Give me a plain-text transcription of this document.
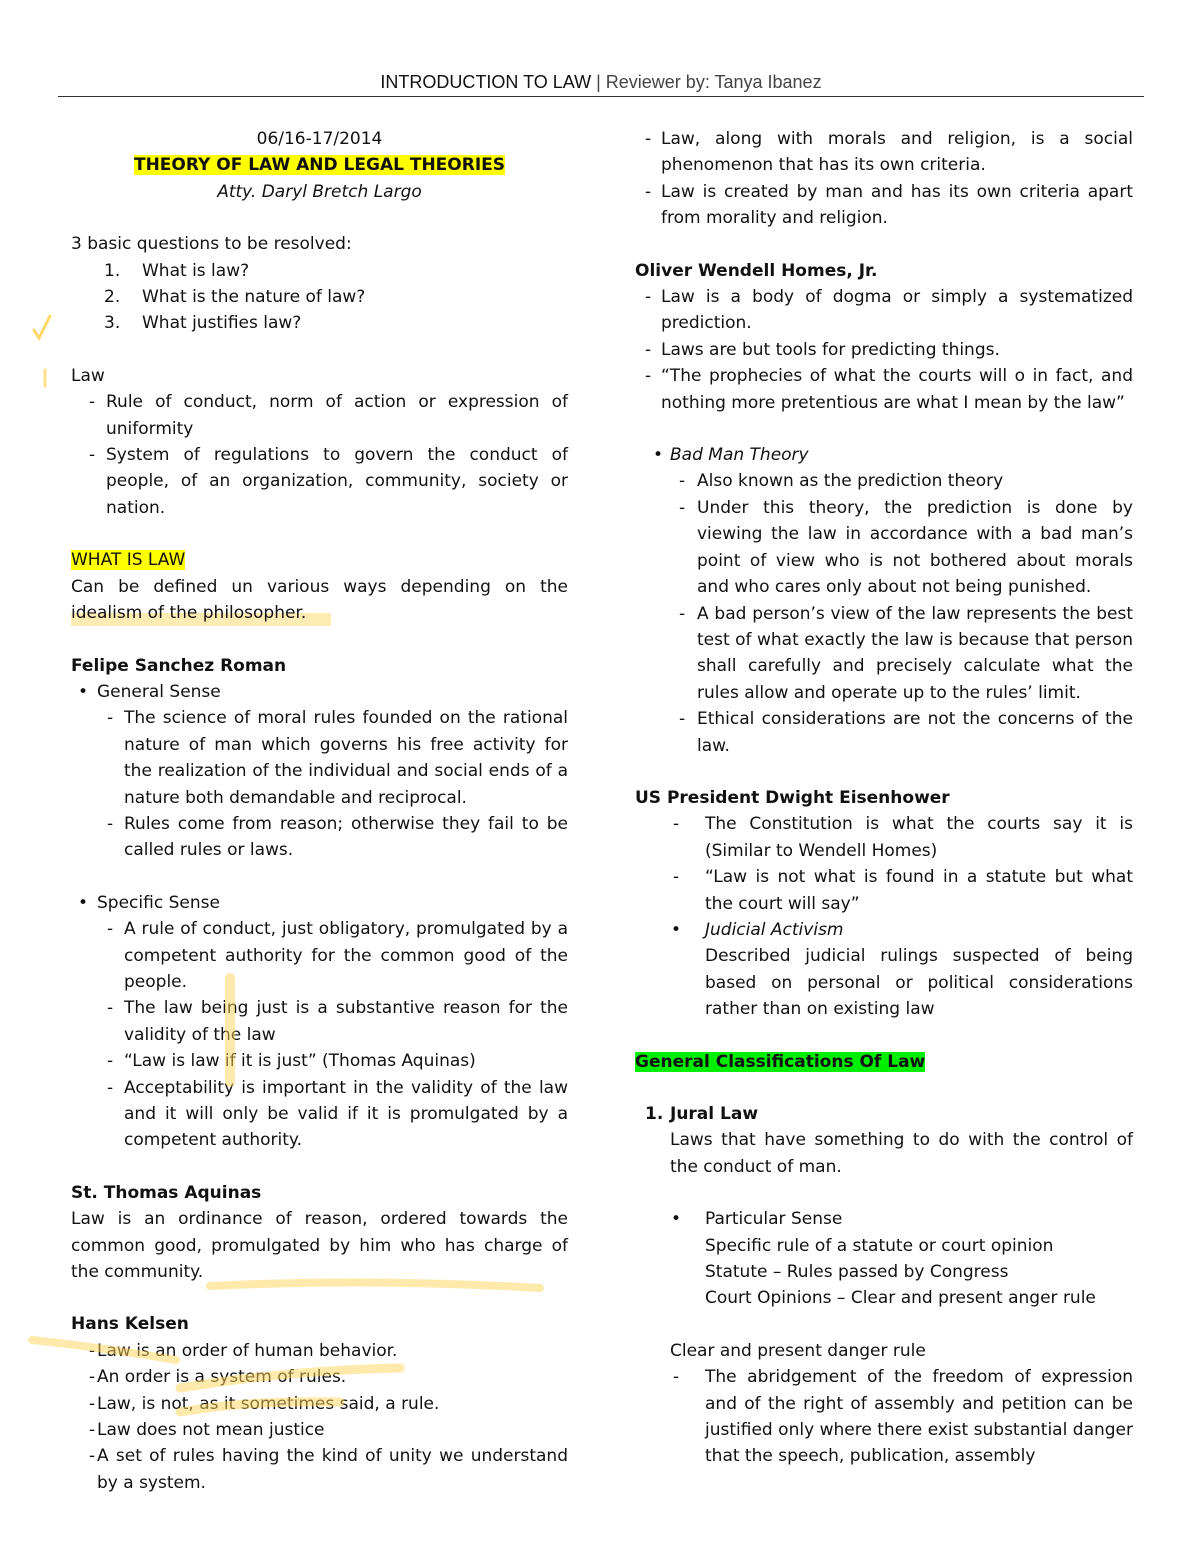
INTRODUCTION TO LAW | Reviewer by: Tanya Ibanez
06/16-17/2014
THEORY OF LAW AND LEGAL THEORIES
Atty. Daryl Bretch Largo
3 basic questions to be resolved:
1. What is law?
2. What is the nature of law?
3. What justifies law?
Law
- Rule of conduct, norm of action or expression of uniformity
- System of regulations to govern the conduct of people, of an organization, community, society or nation.
WHAT IS LAW
Can be defined un various ways depending on the idealism of the philosopher.
Felipe Sanchez Roman
• General Sense
- The science of moral rules founded on the rational nature of man which governs his free activity for the realization of the individual and social ends of a nature both demandable and reciprocal.
- Rules come from reason; otherwise they fail to be called rules or laws.
• Specific Sense
- A rule of conduct, just obligatory, promulgated by a competent authority for the common good of the people.
- The law being just is a substantive reason for the validity of the law
- “Law is law if it is just” (Thomas Aquinas)
- Acceptability is important in the validity of the law and it will only be valid if it is promulgated by a competent authority.
St. Thomas Aquinas
Law is an ordinance of reason, ordered towards the common good, promulgated by him who has charge of the community.
Hans Kelsen
- Law is an order of human behavior.
- An order is a system of rules.
- Law, is not, as it sometimes said, a rule.
- Law does not mean justice
- A set of rules having the kind of unity we understand by a system.
- Law, along with morals and religion, is a social phenomenon that has its own criteria.
- Law is created by man and has its own criteria apart from morality and religion.
Oliver Wendell Homes, Jr.
- Law is a body of dogma or simply a systematized prediction.
- Laws are but tools for predicting things.
- “The prophecies of what the courts will o in fact, and nothing more pretentious are what I mean by the law”
• Bad Man Theory
- Also known as the prediction theory
- Under this theory, the prediction is done by viewing the law in accordance with a bad man’s point of view who is not bothered about morals and who cares only about not being punished.
- A bad person’s view of the law represents the best test of what exactly the law is because that person shall carefully and precisely calculate what the rules allow and operate up to the rules’ limit.
- Ethical considerations are not the concerns of the law.
US President Dwight Eisenhower
- The Constitution is what the courts say it is (Similar to Wendell Homes)
- “Law is not what is found in a statute but what the court will say”
• Judicial Activism
Described judicial rulings suspected of being based on personal or political considerations rather than on existing law
General Classifications Of Law
1. Jural Law
Laws that have something to do with the control of the conduct of man.
• Particular Sense
Specific rule of a statute or court opinion
Statute – Rules passed by Congress
Court Opinions – Clear and present anger rule
Clear and present danger rule
- The abridgement of the freedom of expression and of the right of assembly and petition can be justified only where there exist substantial danger that the speech, publication, assembly
